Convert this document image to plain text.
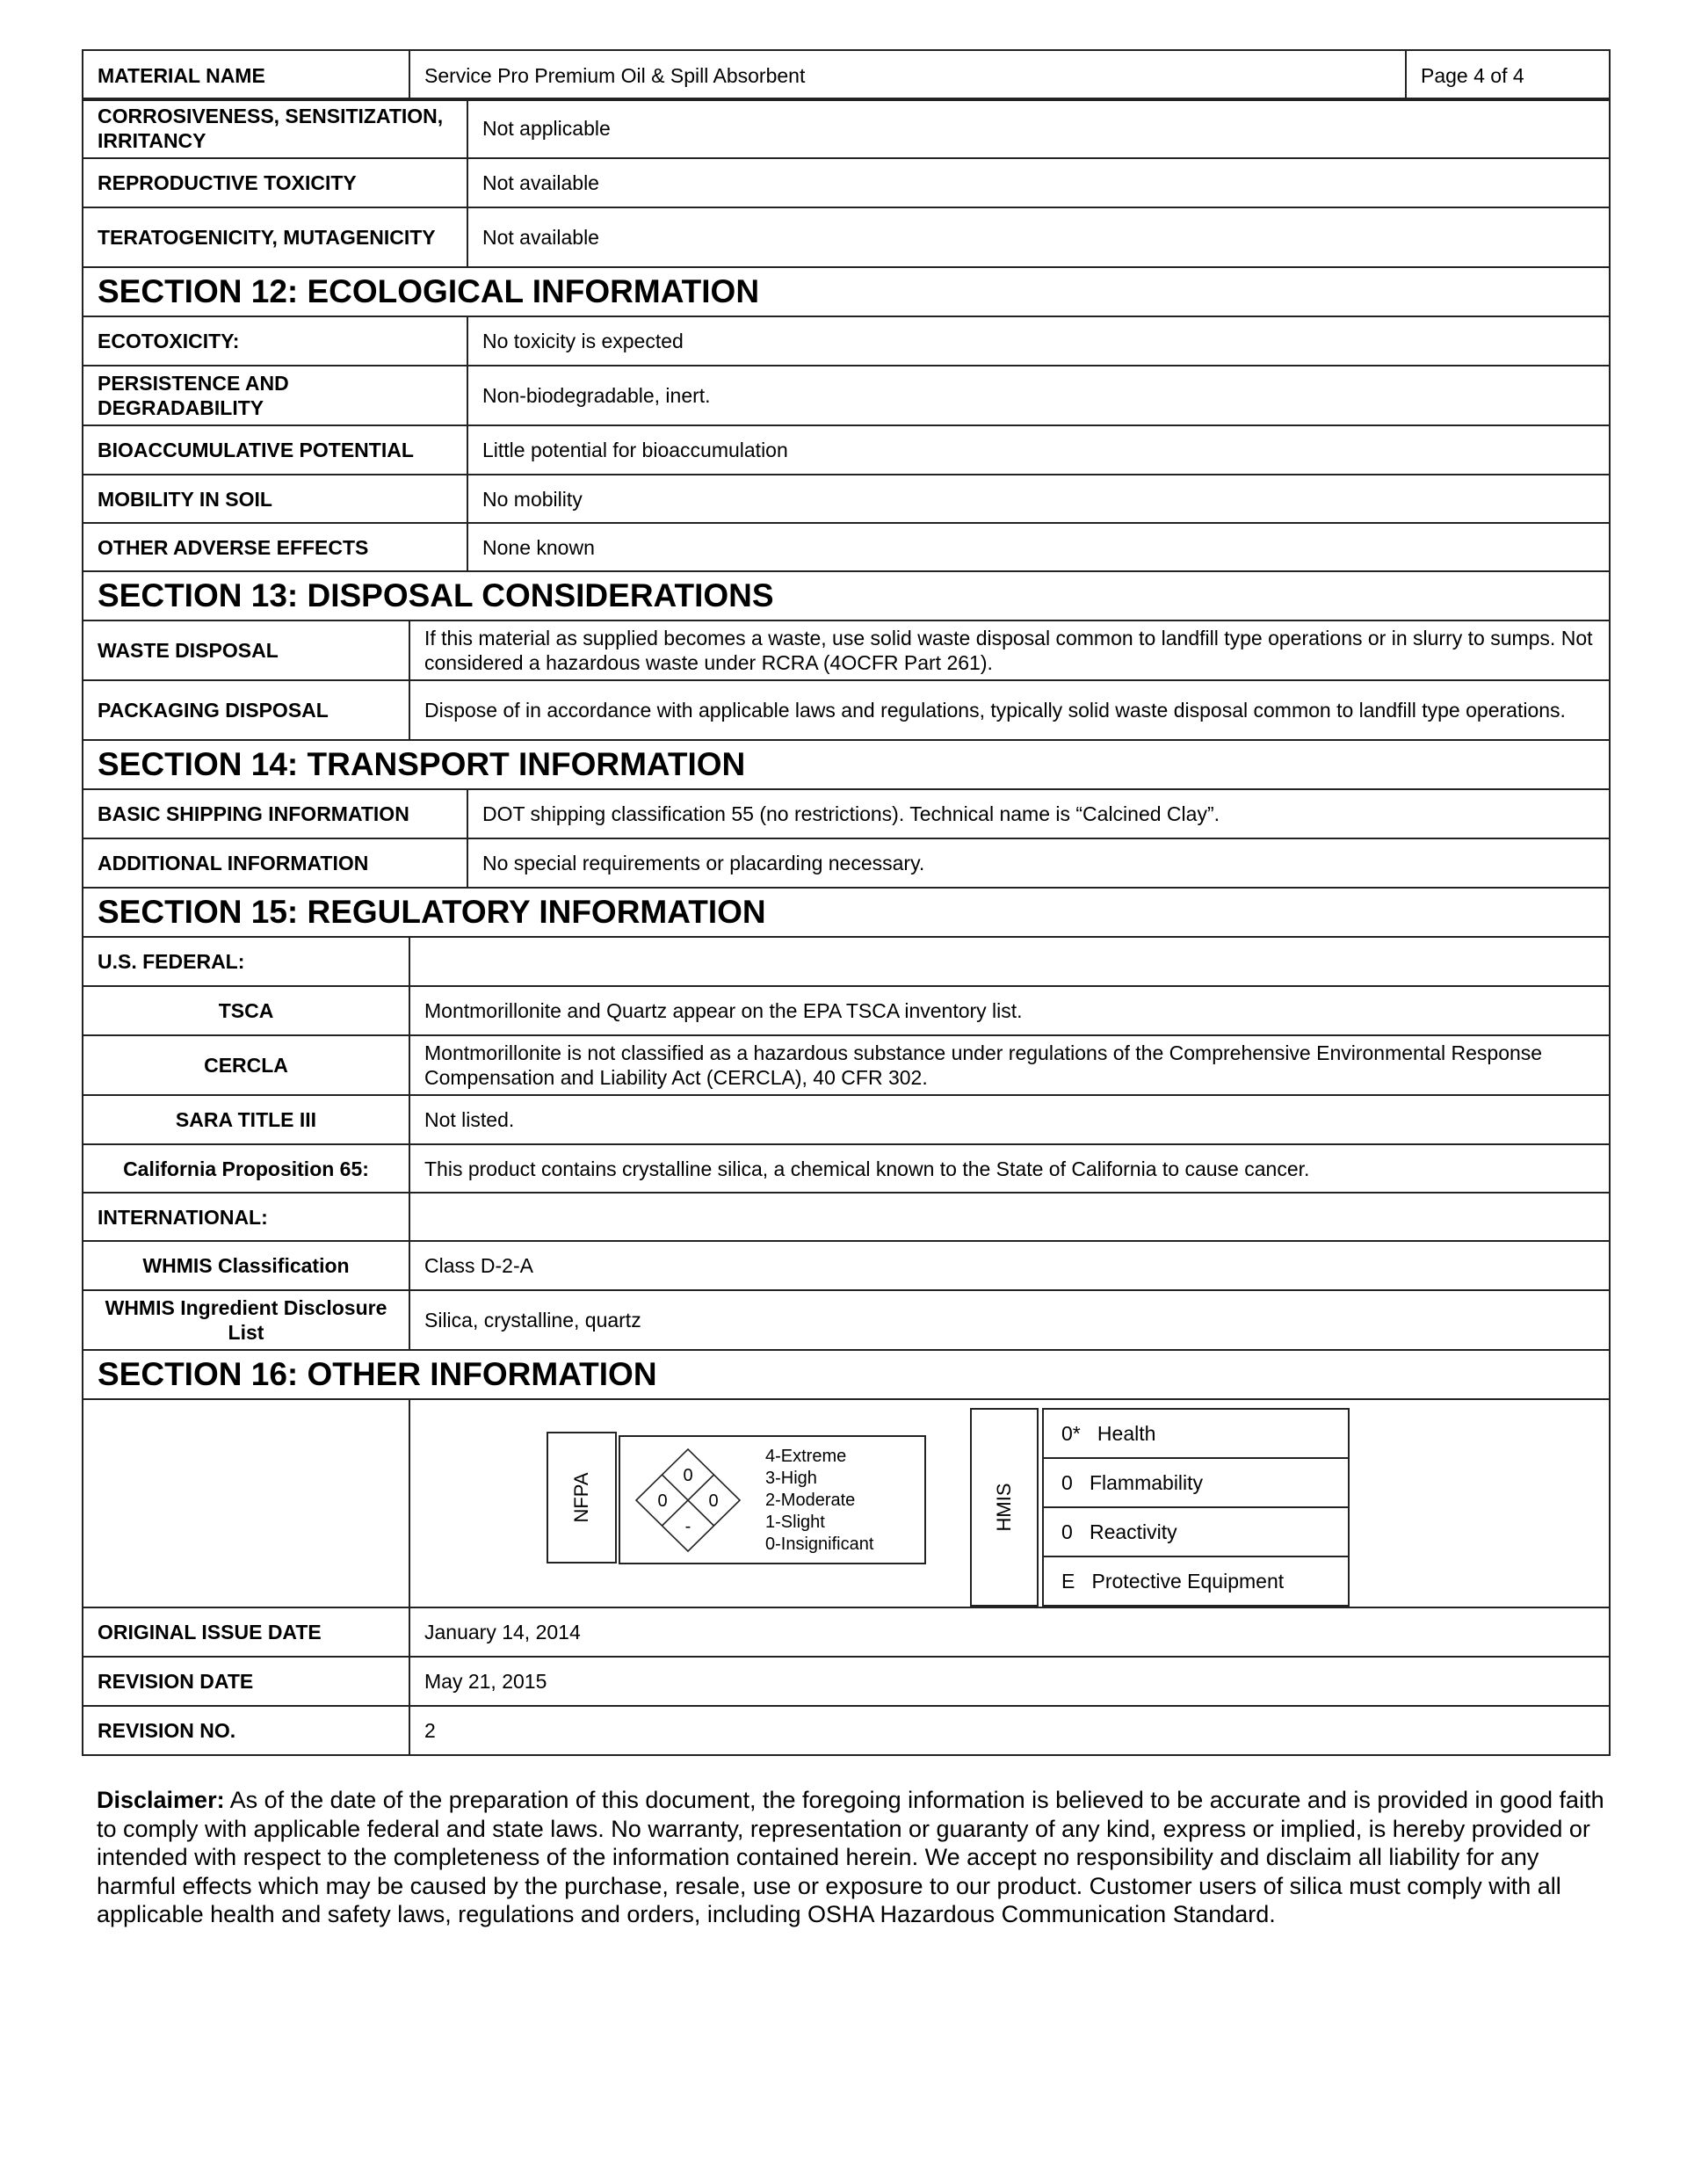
MATERIAL NAME	Service Pro Premium Oil & Spill Absorbent	Page 4 of 4
CORROSIVENESS, SENSITIZATION, IRRITANCY		Not applicable
REPRODUCTIVE TOXICITY		Not available
TERATOGENICITY, MUTAGENICITY		Not available
SECTION 12: ECOLOGICAL INFORMATION		
ECOTOXICITY:		No toxicity is expected
PERSISTENCE AND DEGRADABILITY		Non-biodegradable, inert.
BIOACCUMULATIVE POTENTIAL		Little potential for bioaccumulation
MOBILITY IN SOIL		No mobility
OTHER ADVERSE EFFECTS		None known
SECTION 13: DISPOSAL CONSIDERATIONS		
WASTE DISPOSAL	If this material as supplied becomes a waste, use solid waste disposal common to landfill type operations or in slurry to sumps. Not considered a hazardous waste under RCRA (4OCFR Part 261).	
PACKAGING DISPOSAL	Dispose of in accordance with applicable laws and regulations, typically solid waste disposal common to landfill type operations.	
SECTION 14: TRANSPORT INFORMATION		
BASIC SHIPPING INFORMATION		DOT shipping classification 55 (no restrictions). Technical name is “Calcined Clay”.
ADDITIONAL INFORMATION		No special requirements or placarding necessary.
SECTION 15: REGULATORY INFORMATION		
U.S. FEDERAL:		
TSCA	Montmorillonite and Quartz appear on the EPA TSCA inventory list.	
CERCLA	Montmorillonite is not classified as a hazardous substance under regulations of the Comprehensive Environmental Response Compensation and Liability Act (CERCLA), 40 CFR 302.	
SARA TITLE III	Not listed.	
California Proposition 65:	This product contains crystalline silica, a chemical known to the State of California to cause cancer.	
INTERNATIONAL:		
WHMIS Classification	Class D-2-A	
WHMIS Ingredient Disclosure List	Silica, crystalline, quartz	
SECTION 16: OTHER INFORMATION		

ORIGINAL ISSUE DATE	January 14, 2014	
REVISION DATE	May 21, 2015	
REVISION NO.	2	
NFPA	0
0 0
-
4-Extreme
3-High
2-Moderate
1-Slight
0-Insignificant
HMIS
0*   Health
0   Flammability
0   Reactivity
E   Protective Equipment

Disclaimer: As of the date of the preparation of this document, the foregoing information is believed to be accurate and is provided in good faith to comply with applicable federal and state laws. No warranty, representation or guaranty of any kind, express or implied, is hereby provided or intended with respect to the completeness of the information contained herein. We accept no responsibility and disclaim all liability for any harmful effects which may be caused by the purchase, resale, use or exposure to our product. Customer users of silica must comply with all applicable health and safety laws, regulations and orders, including OSHA Hazardous Communication Standard.
